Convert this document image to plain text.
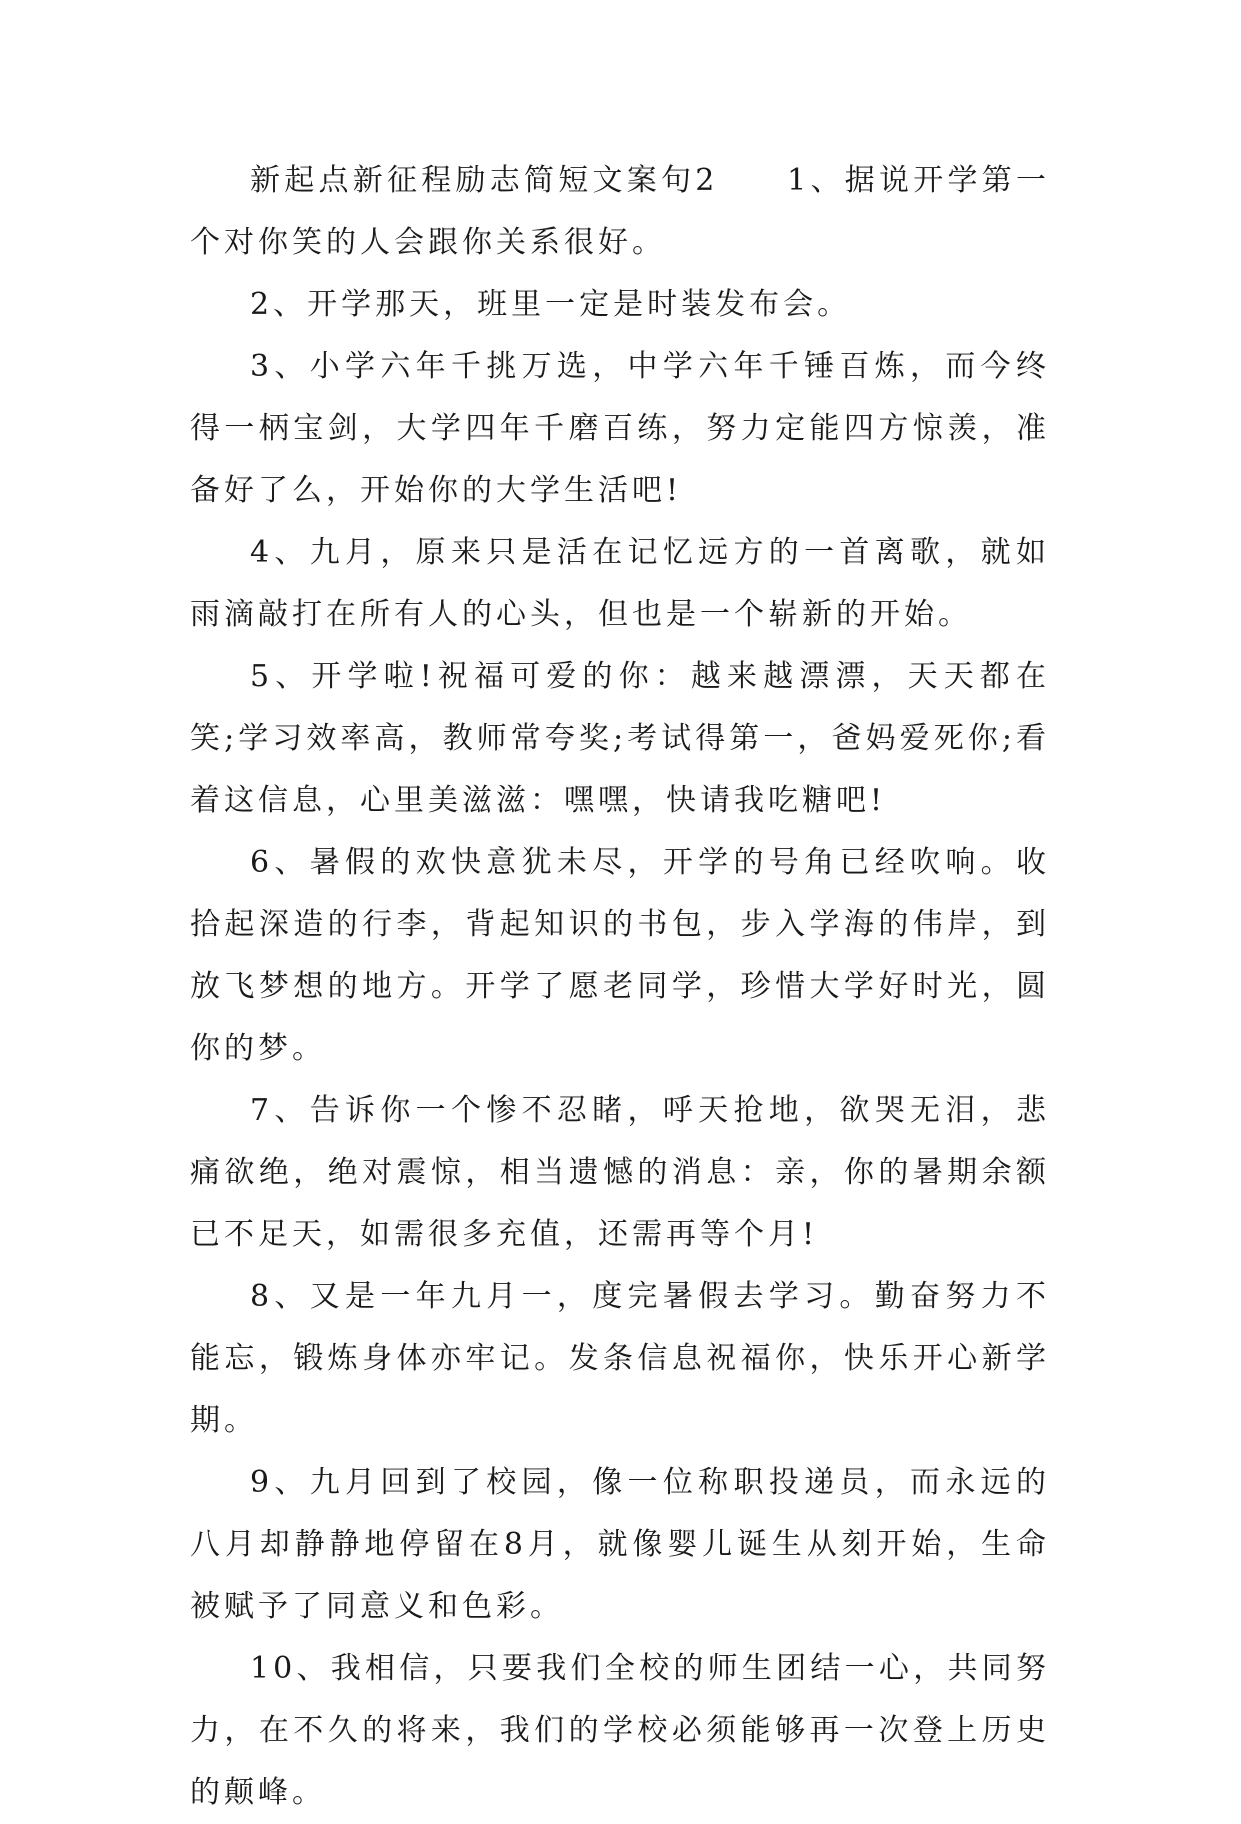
新起点新征程励志简短文案句2　　1、据说开学第一个对你笑的人会跟你关系很好。

2、开学那天，班里一定是时装发布会。

3、小学六年千挑万选，中学六年千锤百炼，而今终得一柄宝剑，大学四年千磨百练，努力定能四方惊羡，准备好了么，开始你的大学生活吧!

4、九月，原来只是活在记忆远方的一首离歌，就如雨滴敲打在所有人的心头，但也是一个崭新的开始。

5、开学啦!祝福可爱的你：越来越漂漂，天天都在笑;学习效率高，教师常夸奖;考试得第一，爸妈爱死你;看着这信息，心里美滋滋：嘿嘿，快请我吃糖吧!

6、暑假的欢快意犹未尽，开学的号角已经吹响。收拾起深造的行李，背起知识的书包，步入学海的伟岸，到放飞梦想的地方。开学了愿老同学，珍惜大学好时光，圆你的梦。

7、告诉你一个惨不忍睹，呼天抢地，欲哭无泪，悲痛欲绝，绝对震惊，相当遗憾的消息：亲，你的暑期余额已不足天，如需很多充值，还需再等个月!

8、又是一年九月一，度完暑假去学习。勤奋努力不能忘，锻炼身体亦牢记。发条信息祝福你，快乐开心新学期。

9、九月回到了校园，像一位称职投递员，而永远的八月却静静地停留在8月，就像婴儿诞生从刻开始，生命被赋予了同意义和色彩。

10、我相信，只要我们全校的师生团结一心，共同努力，在不久的将来，我们的学校必须能够再一次登上历史的颠峰。
